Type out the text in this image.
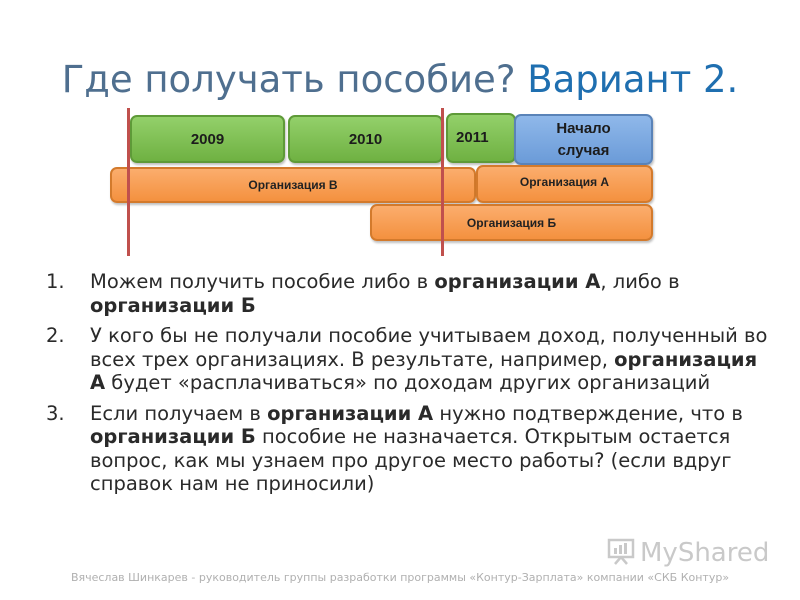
Где получать пособие? Вариант 2.
2009	2010	2011
Начало
случая
Организация В	Организация А
Организация Б
1. Можем получить пособие либо в организации А, либо в организации Б
2. У кого бы не получали пособие учитываем доход, полученный во всех трех организациях. В результате, например, организация А будет «расплачиваться» по доходам других организаций
3. Если получаем в организации А нужно подтверждение, что в организации Б пособие не назначается. Открытым остается вопрос, как мы узнаем про другое место работы? (если вдруг справок нам не приносили)
MyShared
Вячеслав Шинкарев - руководитель группы разработки программы «Контур-Зарплата» компании «СКБ Контур»
